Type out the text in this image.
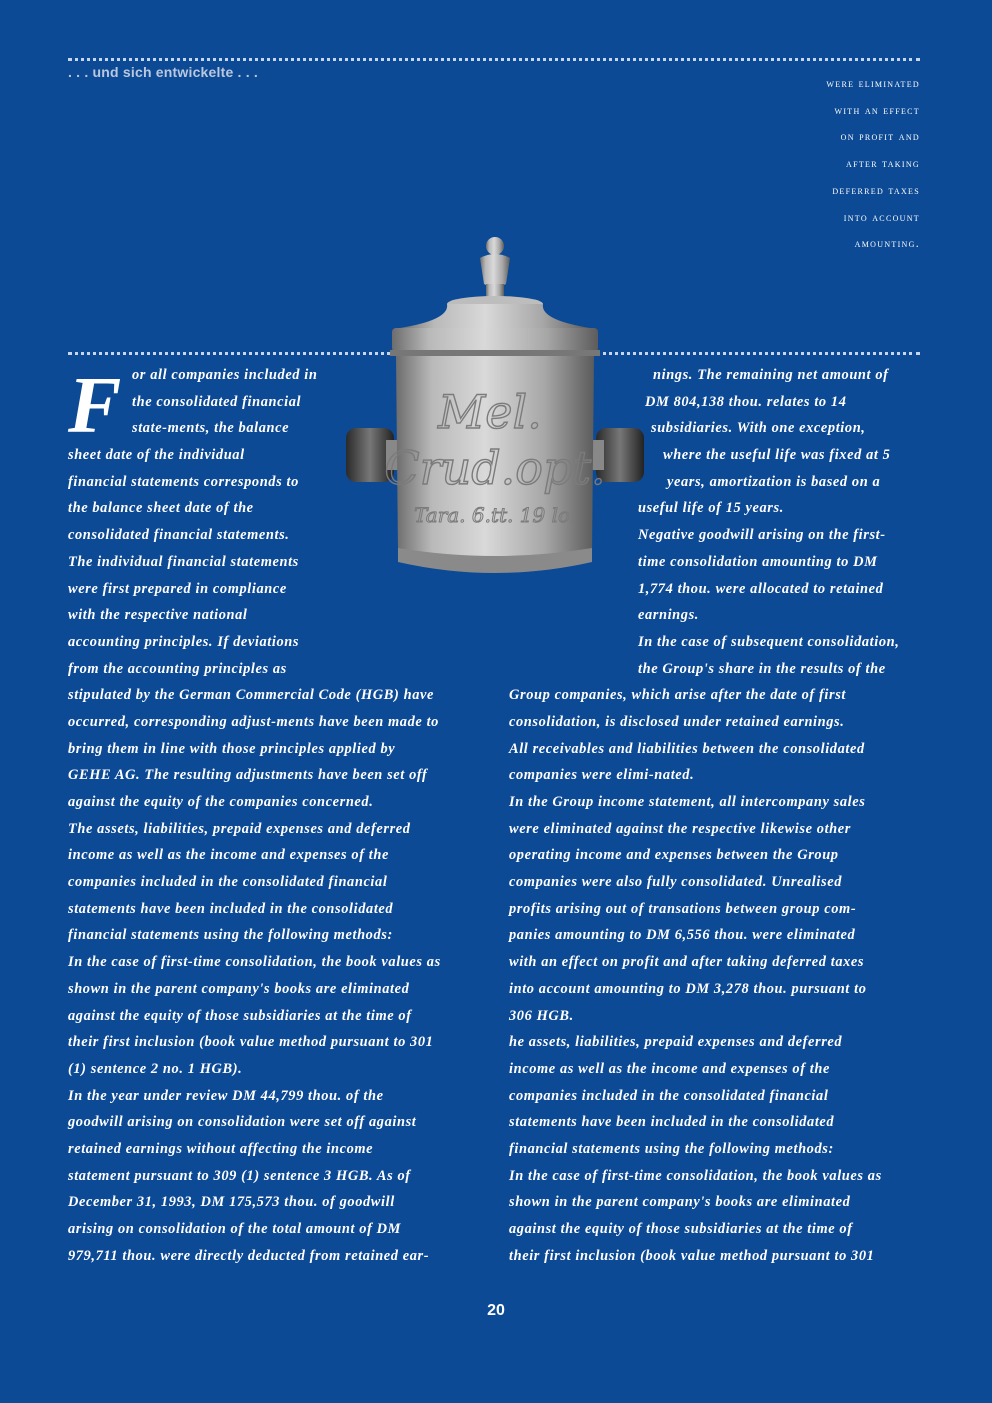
. . . und sich entwickelte . . .
were eliminated
with an effect
on profit and
after taking
deferred taxes
into account
amounting.
Mel.
Crud.opt.
Tara. 6.tt. 19 lo.
F or all companies included in
the consolidated financial
state-ments, the balance
sheet date of the individual
financial statements corresponds to
the balance sheet date of the
consolidated financial statements.
The individual financial statements
were first prepared in compliance
with the respective national
accounting principles. If deviations
from the accounting principles as
stipulated by the German Commercial Code (HGB) have
occurred, corresponding adjust-ments have been made to
bring them in line with those principles applied by
GEHE AG. The resulting adjustments have been set off
against the equity of the companies concerned.
The assets, liabilities, prepaid expenses and deferred
income as well as the income and expenses of the
companies included in the consolidated financial
statements have been included in the consolidated
financial statements using the following methods:
In the case of first-time consolidation, the book values as
shown in the parent company's books are eliminated
against the equity of those subsidiaries at the time of
their first inclusion (book value method pursuant to 301
(1) sentence 2 no. 1 HGB).
In the year under review DM 44,799 thou. of the
goodwill arising on consolidation were set off against
retained earnings without affecting the income
statement pursuant to 309 (1) sentence 3 HGB. As of
December 31, 1993, DM 175,573 thou. of goodwill
arising on consolidation of the total amount of DM
979,711 thou. were directly deducted from retained ear-
nings. The remaining net amount of
DM 804,138 thou. relates to 14
subsidiaries. With one exception,
where the useful life was fixed at 5
years, amortization is based on a
useful life of 15 years.
Negative goodwill arising on the first-
time consolidation amounting to DM
1,774 thou. were allocated to retained
earnings.
In the case of subsequent consolidation,
the Group's share in the results of the
Group companies, which arise after the date of first
consolidation, is disclosed under retained earnings.
All receivables and liabilities between the consolidated
companies were elimi-nated.
In the Group income statement, all intercompany sales
were eliminated against the respective likewise other
operating income and expenses between the Group
companies were also fully consolidated. Unrealised
profits arising out of transations between group com-
panies amounting to DM 6,556 thou. were eliminated
with an effect on profit and after taking deferred taxes
into account amounting to DM 3,278 thou. pursuant to
306 HGB.
he assets, liabilities, prepaid expenses and deferred
income as well as the income and expenses of the
companies included in the consolidated financial
statements have been included in the consolidated
financial statements using the following methods:
In the case of first-time consolidation, the book values as
shown in the parent company's books are eliminated
against the equity of those subsidiaries at the time of
their first inclusion (book value method pursuant to 301
20
